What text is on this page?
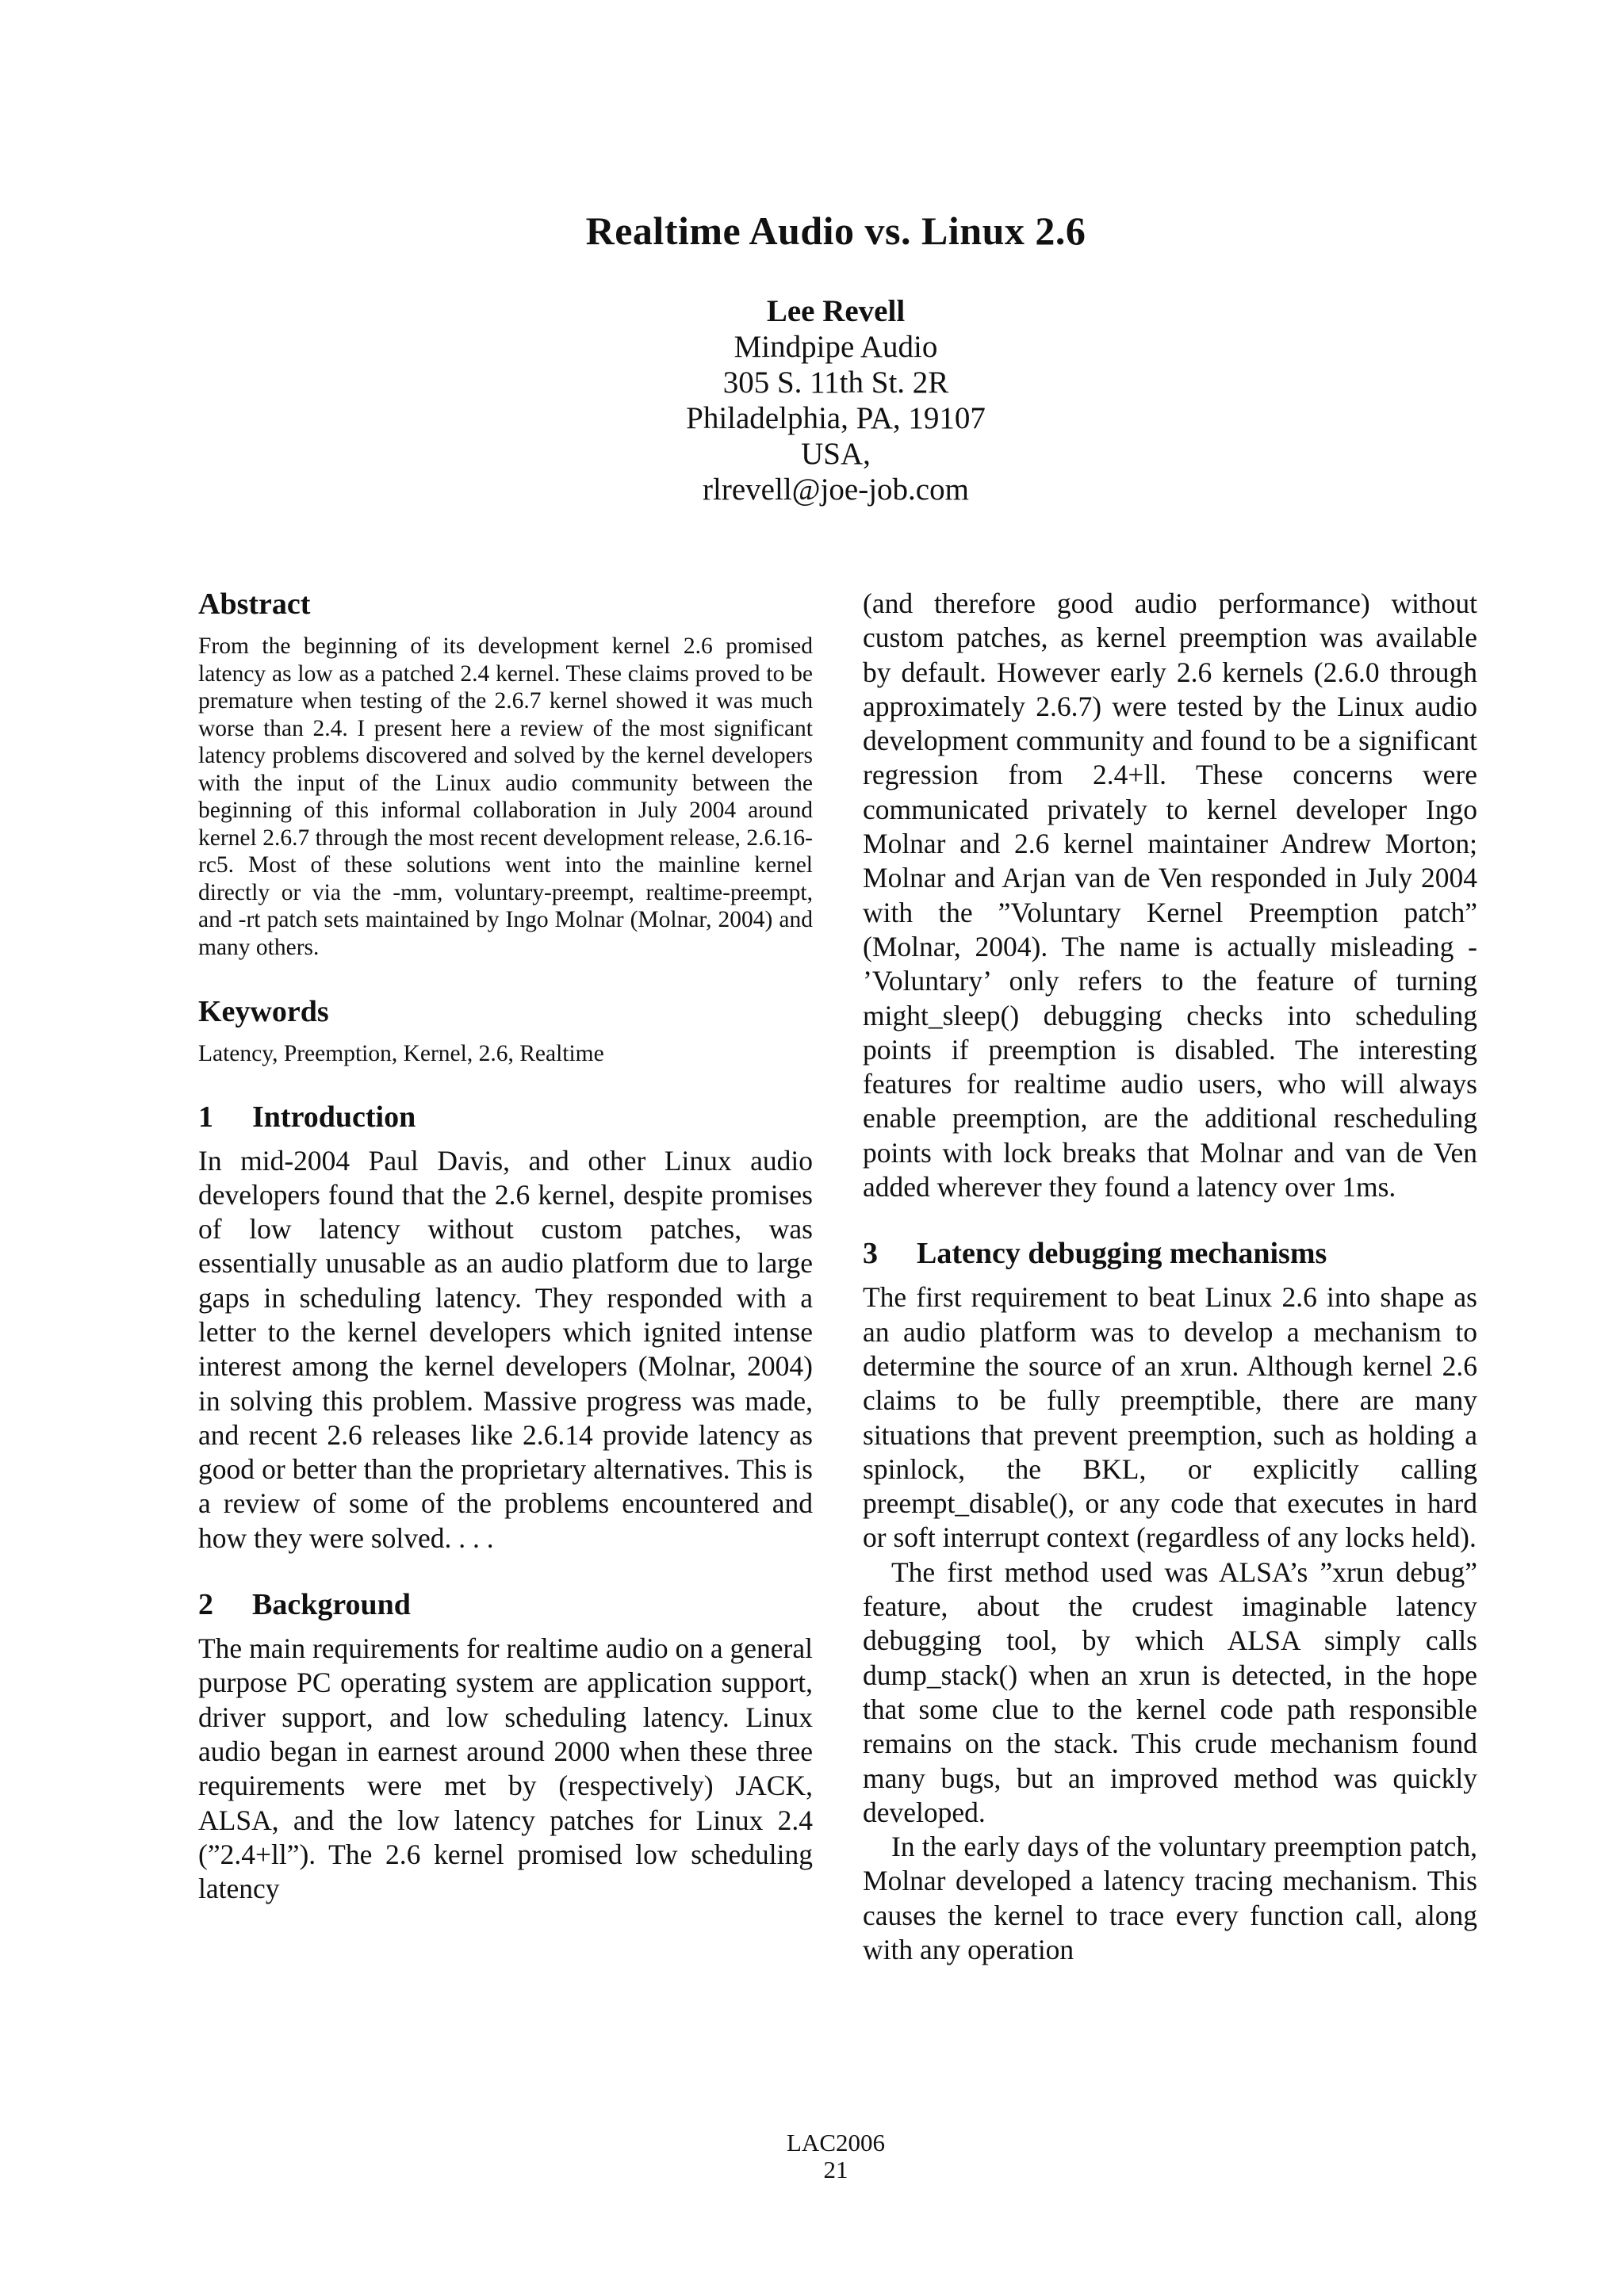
Realtime Audio vs. Linux 2.6
Lee Revell
Mindpipe Audio
305 S. 11th St. 2R
Philadelphia, PA, 19107
USA,
rlrevell@joe-job.com
Abstract

From the beginning of its development kernel 2.6 promised latency as low as a patched 2.4 kernel. These claims proved to be premature when testing of the 2.6.7 kernel showed it was much worse than 2.4. I present here a review of the most significant latency problems discovered and solved by the kernel developers with the input of the Linux audio community between the beginning of this informal collaboration in July 2004 around kernel 2.6.7 through the most recent development release, 2.6.16-rc5. Most of these solutions went into the mainline kernel directly or via the -mm, voluntary-preempt, realtime-preempt, and -rt patch sets maintained by Ingo Molnar (Molnar, 2004) and many others.

Keywords

Latency, Preemption, Kernel, 2.6, Realtime

1	Introduction

In mid-2004 Paul Davis, and other Linux audio developers found that the 2.6 kernel, despite promises of low latency without custom patches, was essentially unusable as an audio platform due to large gaps in scheduling latency. They responded with a letter to the kernel developers which ignited intense interest among the kernel developers (Molnar, 2004) in solving this problem. Massive progress was made, and recent 2.6 releases like 2.6.14 provide latency as good or better than the proprietary alternatives. This is a review of some of the problems encountered and how they were solved. . . .

2	Background

The main requirements for realtime audio on a general purpose PC operating system are application support, driver support, and low scheduling latency. Linux audio began in earnest around 2000 when these three requirements were met by (respectively) JACK, ALSA, and the low latency patches for Linux 2.4 (”2.4+ll”). The 2.6 kernel promised low scheduling latency

(and therefore good audio performance) without custom patches, as kernel preemption was available by default. However early 2.6 kernels (2.6.0 through approximately 2.6.7) were tested by the Linux audio development community and found to be a significant regression from 2.4+ll. These concerns were communicated privately to kernel developer Ingo Molnar and 2.6 kernel maintainer Andrew Morton; Molnar and Arjan van de Ven responded in July 2004 with the ”Voluntary Kernel Preemption patch” (Molnar, 2004). The name is actually misleading - ’Voluntary’ only refers to the feature of turning might_sleep() debugging checks into scheduling points if preemption is disabled. The interesting features for realtime audio users, who will always enable preemption, are the additional rescheduling points with lock breaks that Molnar and van de Ven added wherever they found a latency over 1ms.

3	Latency debugging mechanisms

The first requirement to beat Linux 2.6 into shape as an audio platform was to develop a mechanism to determine the source of an xrun. Although kernel 2.6 claims to be fully preemptible, there are many situations that prevent preemption, such as holding a spinlock, the BKL, or explicitly calling preempt_disable(), or any code that executes in hard or soft interrupt context (regardless of any locks held).

The first method used was ALSA’s ”xrun debug” feature, about the crudest imaginable latency debugging tool, by which ALSA simply calls dump_stack() when an xrun is detected, in the hope that some clue to the kernel code path responsible remains on the stack. This crude mechanism found many bugs, but an improved method was quickly developed.

In the early days of the voluntary preemption patch, Molnar developed a latency tracing mechanism. This causes the kernel to trace every function call, along with any operation

LAC2006
21
